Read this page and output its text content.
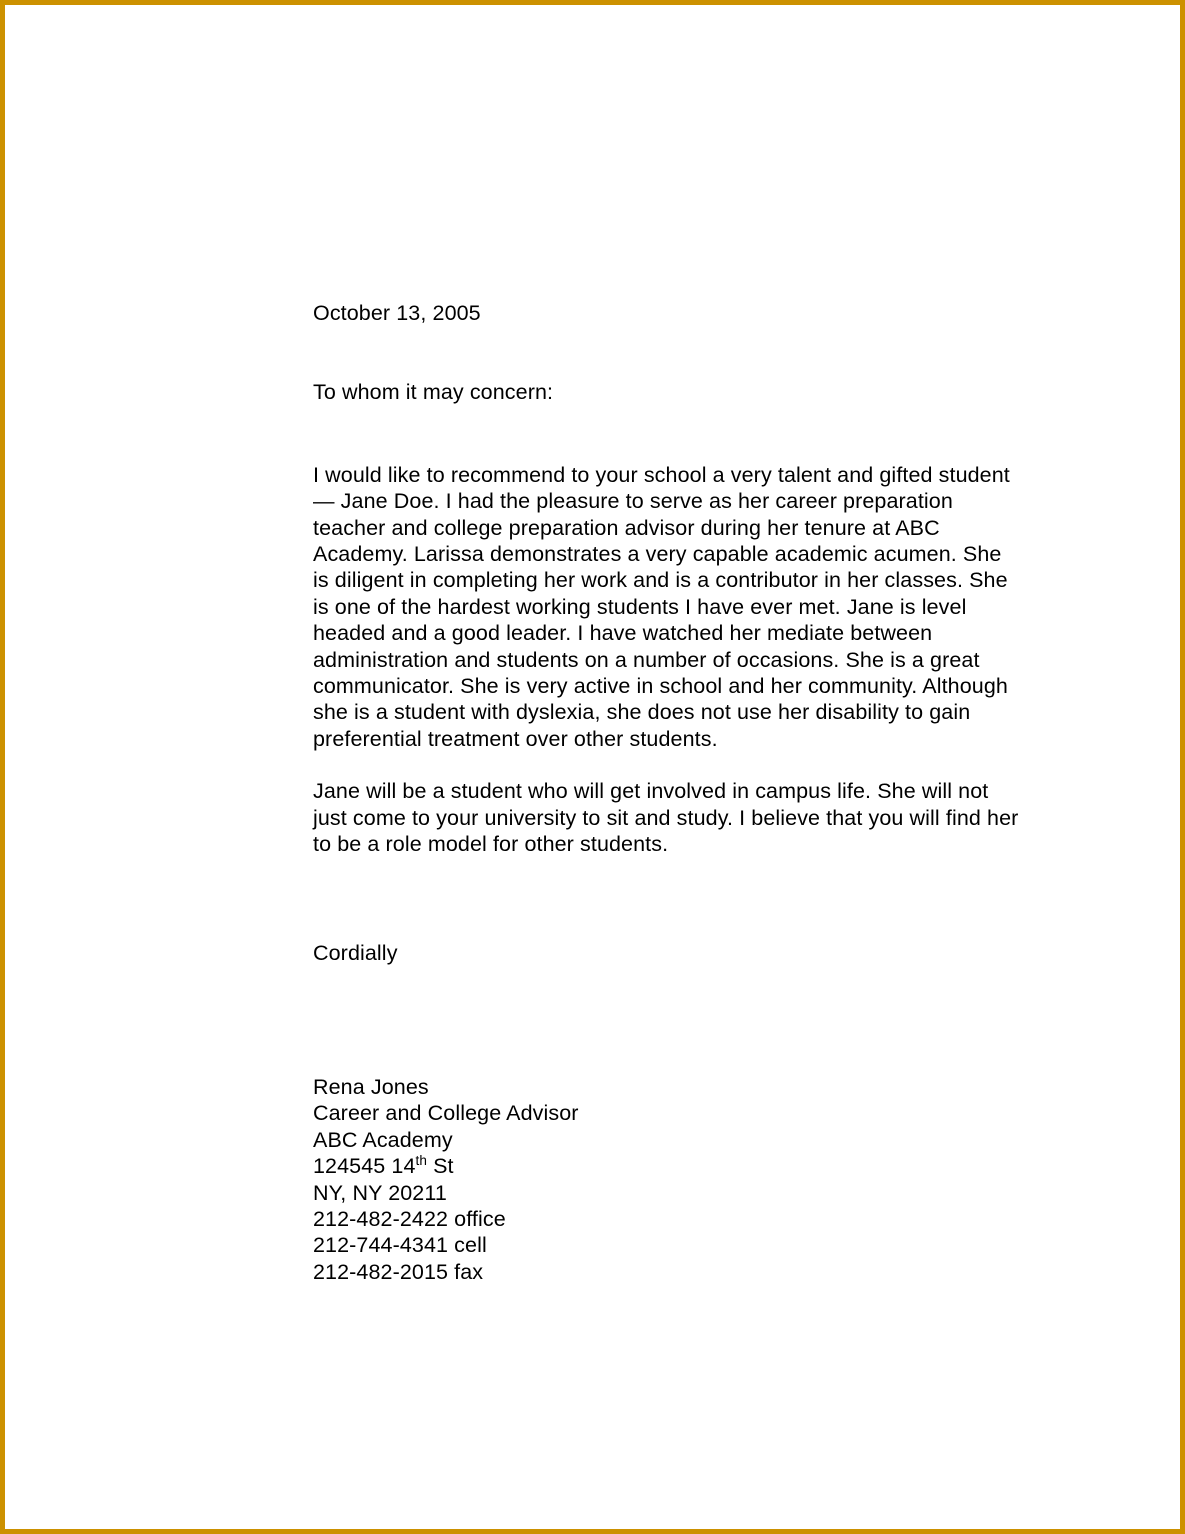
October 13, 2005

To whom it may concern:

I would like to recommend to your school a very talent and gifted student — Jane Doe. I had the pleasure to serve as her career preparation teacher and college preparation advisor during her tenure at ABC Academy. Larissa demonstrates a very capable academic acumen. She is diligent in completing her work and is a contributor in her classes. She is one of the hardest working students I have ever met. Jane is level headed and a good leader. I have watched her mediate between administration and students on a number of occasions. She is a great communicator. She is very active in school and her community. Although she is a student with dyslexia, she does not use her disability to gain preferential treatment over other students.

Jane will be a student who will get involved in campus life. She will not just come to your university to sit and study. I believe that you will find her to be a role model for other students.

Cordially

Rena Jones

Career and College Advisor

ABC Academy

124545 14th St

NY, NY 20211

212-482-2422 office

212-744-4341 cell

212-482-2015 fax
